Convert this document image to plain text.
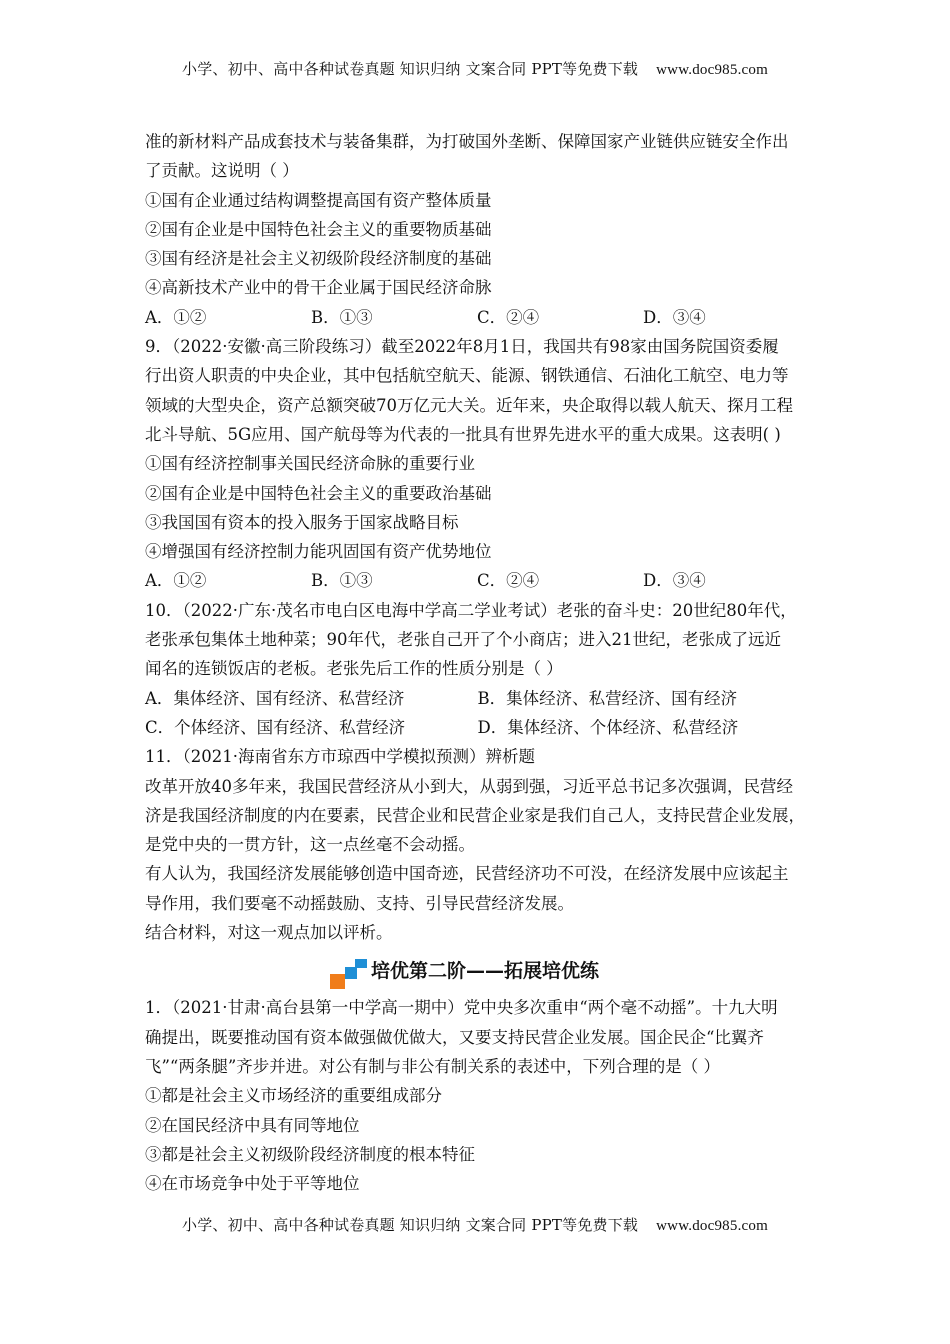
小学、初中、高中各种试卷真题 知识归纳 文案合同 PPT等免费下载 www.doc985.com

准的新材料产品成套技术与装备集群，为打破国外垄断、保障国家产业链供应链安全作出

了贡献。这说明（ ）

①国有企业通过结构调整提高国有资产整体质量

②国有企业是中国特色社会主义的重要物质基础

③国有经济是社会主义初级阶段经济制度的基础

④高新技术产业中的骨干企业属于国民经济命脉

A．①②	B．①③	C．②④	D．③④

9．（2022·安徽·高三阶段练习）截至2022年8月1日，我国共有98家由国务院国资委履

行出资人职责的中央企业，其中包括航空航天、能源、钢铁通信、石油化工航空、电力等

领域的大型央企，资产总额突破70万亿元大关。近年来，央企取得以载人航天、探月工程

北斗导航、5G应用、国产航母等为代表的一批具有世界先进水平的重大成果。这表明( )

①国有经济控制事关国民经济命脉的重要行业

②国有企业是中国特色社会主义的重要政治基础

③我国国有资本的投入服务于国家战略目标

④增强国有经济控制力能巩固国有资产优势地位

A．①②	B．①③	C．②④	D．③④

10．（2022·广东·茂名市电白区电海中学高二学业考试）老张的奋斗史：20世纪80年代，

老张承包集体土地种菜；90年代，老张自己开了个小商店；进入21世纪，老张成了远近

闻名的连锁饭店的老板。老张先后工作的性质分别是（ ）

A．集体经济、国有经济、私营经济	B．集体经济、私营经济、国有经济
C．个体经济、国有经济、私营经济	D．集体经济、个体经济、私营经济

11．（2021·海南省东方市琼西中学模拟预测）辨析题

改革开放40多年来，我国民营经济从小到大，从弱到强，习近平总书记多次强调，民营经

济是我国经济制度的内在要素，民营企业和民营企业家是我们自己人，支持民营企业发展，

是党中央的一贯方针，这一点丝毫不会动摇。

有人认为，我国经济发展能够创造中国奇迹，民营经济功不可没，在经济发展中应该起主

导作用，我们要毫不动摇鼓励、支持、引导民营经济发展。

结合材料，对这一观点加以评析。

培优第二阶——拓展培优练

1．（2021·甘肃·高台县第一中学高一期中）党中央多次重申“两个毫不动摇”。十九大明

确提出，既要推动国有资本做强做优做大，又要支持民营企业发展。国企民企“比翼齐

飞”“两条腿”齐步并进。对公有制与非公有制关系的表述中，下列合理的是（ ）

①都是社会主义市场经济的重要组成部分

②在国民经济中具有同等地位

③都是社会主义初级阶段经济制度的根本特征

④在市场竞争中处于平等地位

小学、初中、高中各种试卷真题 知识归纳 文案合同 PPT等免费下载 www.doc985.com
